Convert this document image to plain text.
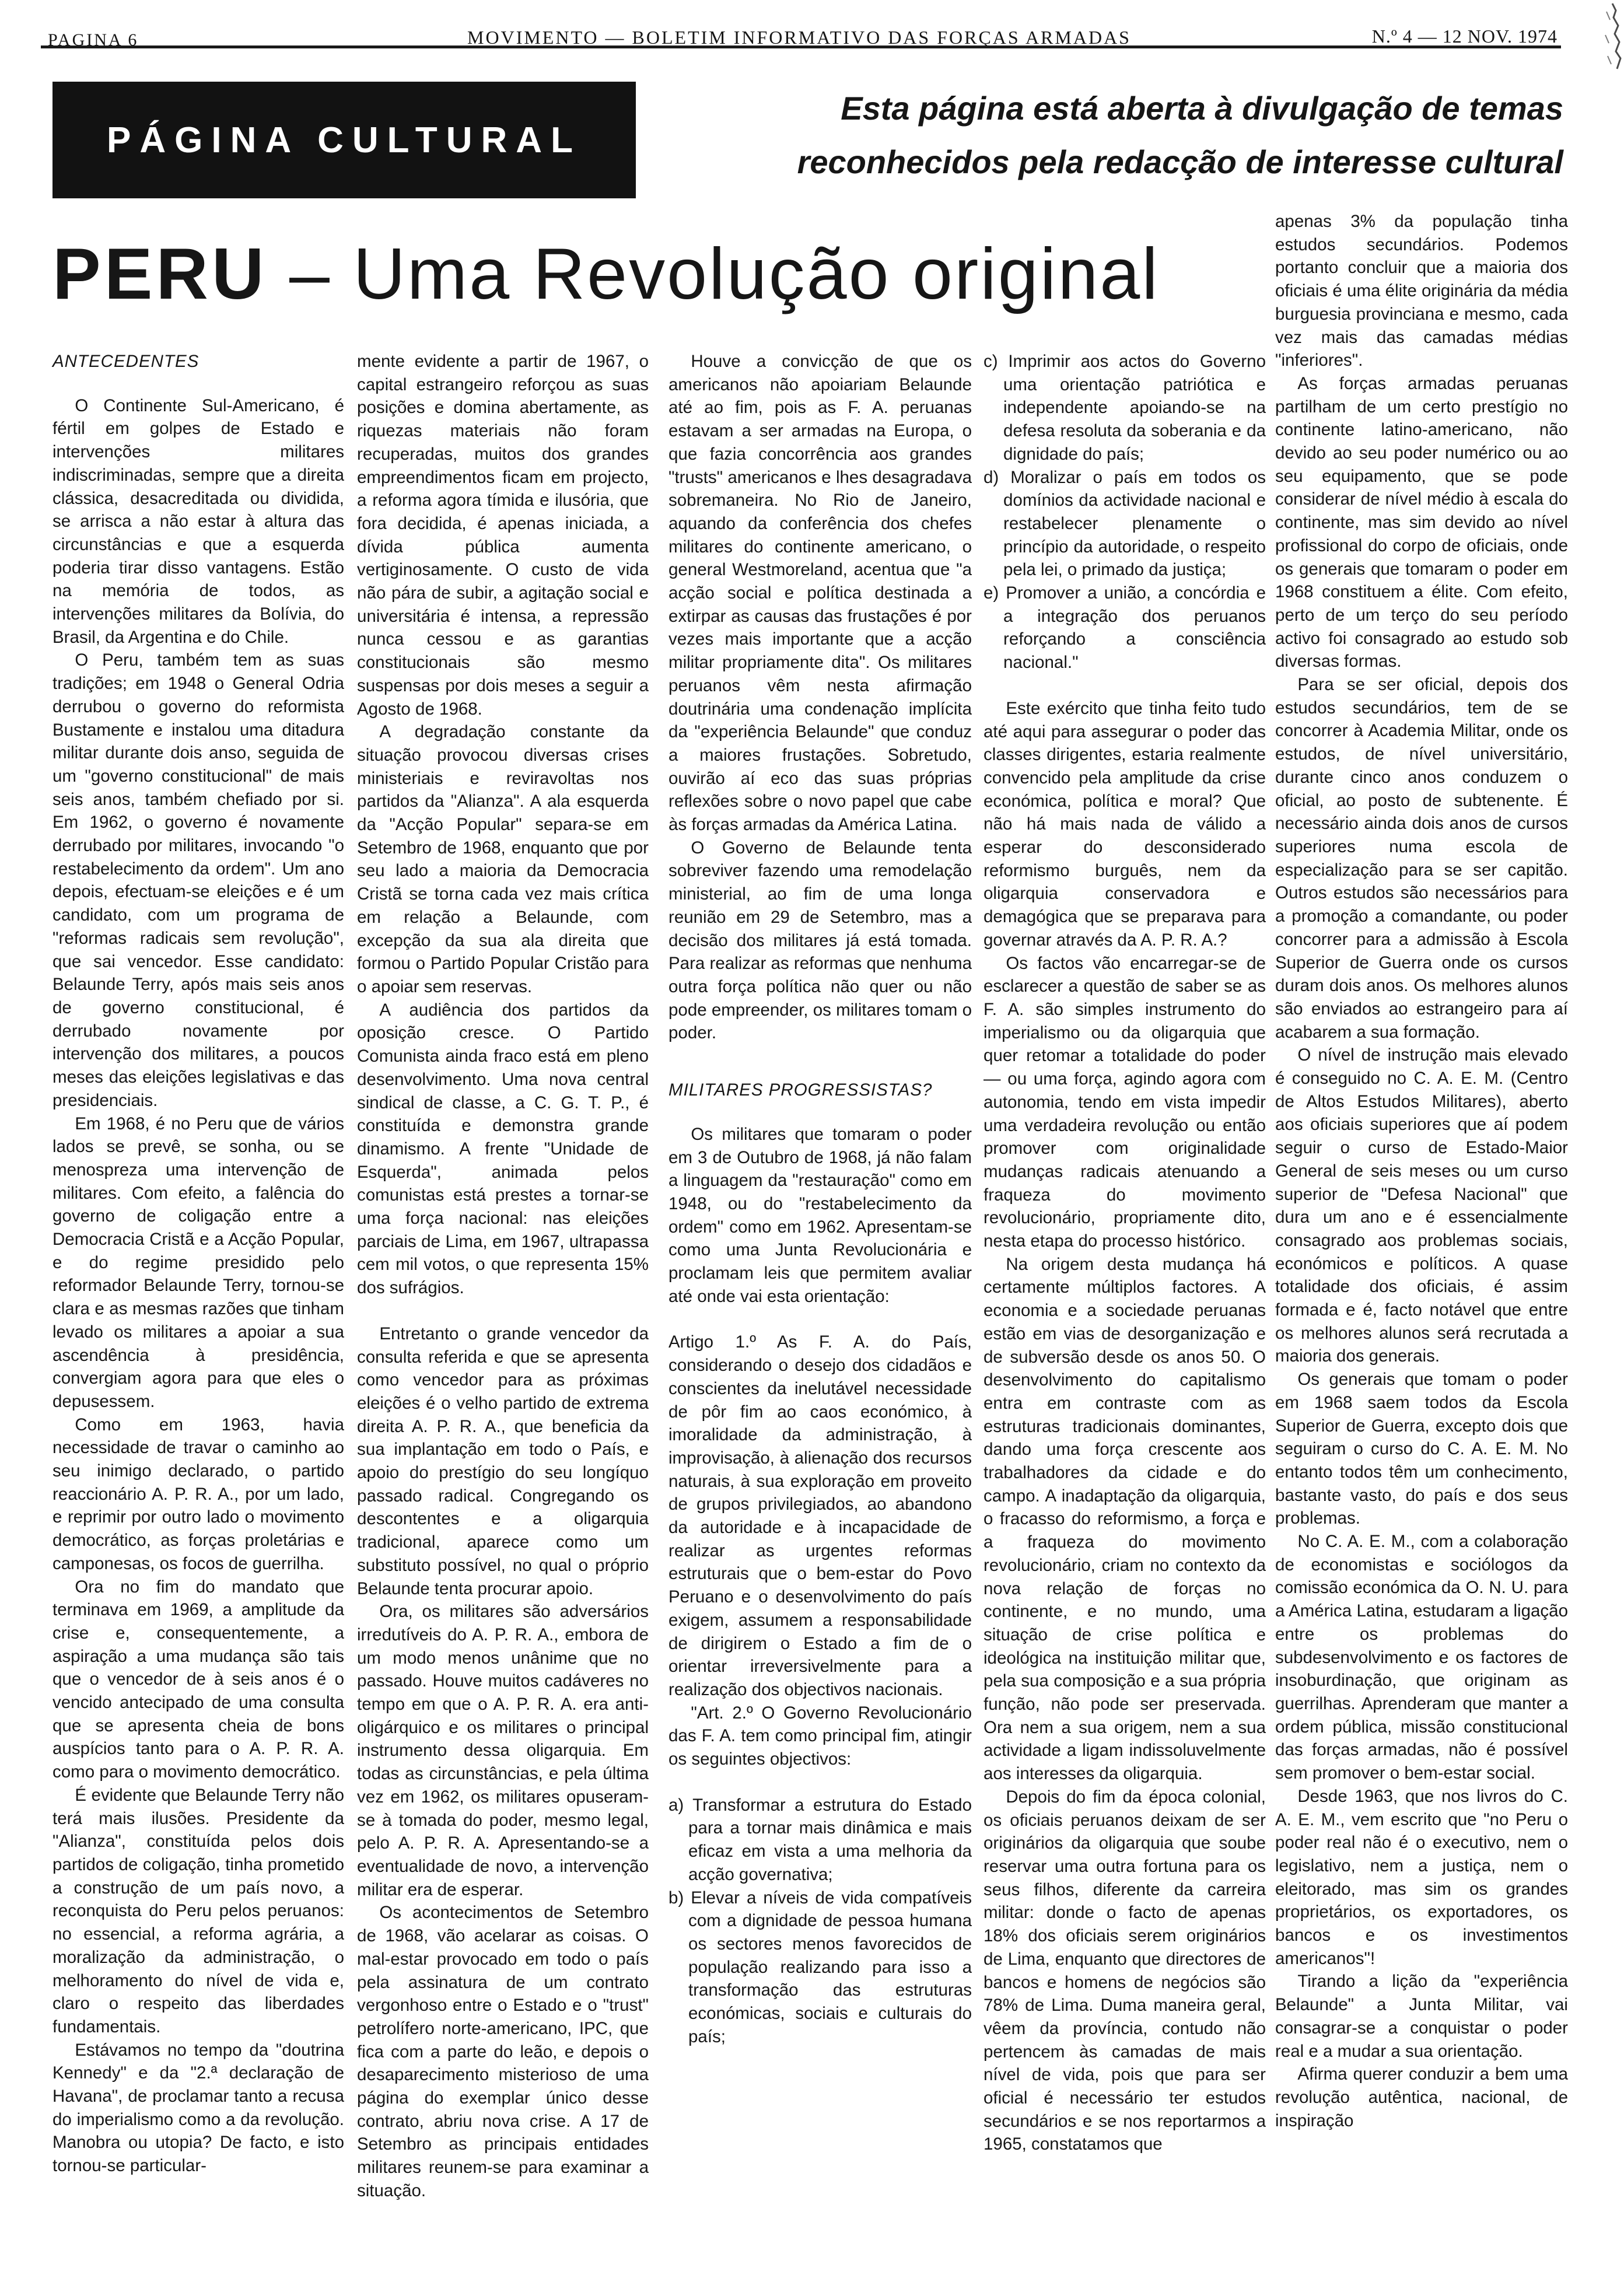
PAGINA 6	MOVIMENTO — BOLETIM INFORMATIVO DAS FORÇAS ARMADAS	N.º 4 — 12 NOV. 1974
PÁGINA CULTURAL
Esta página está aberta à divulgação de temas
reconhecidos pela redacção de interesse cultural
PERU – Uma Revolução original
ANTECEDENTES

O Continente Sul-Americano, é fértil em golpes de Estado e intervenções militares indiscriminadas, sempre que a direita clássica, desacreditada ou dividida, se arrisca a não estar à altura das circunstâncias e que a esquerda poderia tirar disso vantagens. Estão na memória de todos, as intervenções militares da Bolívia, do Brasil, da Argentina e do Chile.

O Peru, também tem as suas tradições; em 1948 o General Odria derrubou o governo do reformista Bustamente e instalou uma ditadura militar durante dois anso, seguida de um "governo constitucional" de mais seis anos, também chefiado por si. Em 1962, o governo é novamente derrubado por militares, invocando "o restabelecimento da ordem". Um ano depois, efectuam-se eleições e é um candidato, com um programa de "reformas radicais sem revolução", que sai vencedor. Esse candidato: Belaunde Terry, após mais seis anos de governo constitucional, é derrubado novamente por intervenção dos militares, a poucos meses das eleições legislativas e das presidenciais.

Em 1968, é no Peru que de vários lados se prevê, se sonha, ou se menospreza uma intervenção de militares. Com efeito, a falência do governo de coligação entre a Democracia Cristã e a Acção Popular, e do regime presidido pelo reformador Belaunde Terry, tornou-se clara e as mesmas razões que tinham levado os militares a apoiar a sua ascendência à presidência, convergiam agora para que eles o depusessem.

Como em 1963, havia necessidade de travar o caminho ao seu inimigo declarado, o partido reaccionário A. P. R. A., por um lado, e reprimir por outro lado o movimento democrático, as forças proletárias e camponesas, os focos de guerrilha.

Ora no fim do mandato que terminava em 1969, a amplitude da crise e, consequentemente, a aspiração a uma mudança são tais que o vencedor de à seis anos é o vencido antecipado de uma consulta que se apresenta cheia de bons auspícios tanto para o A. P. R. A. como para o movimento democrático.

É evidente que Belaunde Terry não terá mais ilusões. Presidente da "Alianza", constituída pelos dois partidos de coligação, tinha prometido a construção de um país novo, a reconquista do Peru pelos peruanos: no essencial, a reforma agrária, a moralização da administração, o melhoramento do nível de vida e, claro o respeito das liberdades fundamentais.

Estávamos no tempo da "doutrina Kennedy" e da "2.ª declaração de Havana", de proclamar tanto a recusa do imperialismo como a da revolução. Manobra ou utopia? De facto, e isto tornou-se particular-

mente evidente a partir de 1967, o capital estrangeiro reforçou as suas posições e domina abertamente, as riquezas materiais não foram recuperadas, muitos dos grandes empreendimentos ficam em projecto, a reforma agora tímida e ilusória, que fora decidida, é apenas iniciada, a dívida pública aumenta vertiginosamente. O custo de vida não pára de subir, a agitação social e universitária é intensa, a repressão nunca cessou e as garantias constitucionais são mesmo suspensas por dois meses a seguir a Agosto de 1968.

A degradação constante da situação provocou diversas crises ministeriais e reviravoltas nos partidos da "Alianza". A ala esquerda da "Acção Popular" separa-se em Setembro de 1968, enquanto que por seu lado a maioria da Democracia Cristã se torna cada vez mais crítica em relação a Belaunde, com excepção da sua ala direita que formou o Partido Popular Cristão para o apoiar sem reservas.

A audiência dos partidos da oposição cresce. O Partido Comunista ainda fraco está em pleno desenvolvimento. Uma nova central sindical de classe, a C. G. T. P., é constituída e demonstra grande dinamismo. A frente "Unidade de Esquerda", animada pelos comunistas está prestes a tornar-se uma força nacional: nas eleições parciais de Lima, em 1967, ultrapassa cem mil votos, o que representa 15% dos sufrágios.

Entretanto o grande vencedor da consulta referida e que se apresenta como vencedor para as próximas eleições é o velho partido de extrema direita A. P. R. A., que beneficia da sua implantação em todo o País, e apoio do prestígio do seu longíquo passado radical. Congregando os descontentes e a oligarquia tradicional, aparece como um substituto possível, no qual o próprio Belaunde tenta procurar apoio.

Ora, os militares são adversários irredutíveis do A. P. R. A., embora de um modo menos unânime que no passado. Houve muitos cadáveres no tempo em que o A. P. R. A. era anti-oligárquico e os militares o principal instrumento dessa oligarquia. Em todas as circunstâncias, e pela última vez em 1962, os militares opuseram-se à tomada do poder, mesmo legal, pelo A. P. R. A. Apresentando-se a eventualidade de novo, a intervenção militar era de esperar.

Os acontecimentos de Setembro de 1968, vão acelarar as coisas. O mal-estar provocado em todo o país pela assinatura de um contrato vergonhoso entre o Estado e o "trust" petrolífero norte-americano, IPC, que fica com a parte do leão, e depois o desaparecimento misterioso de uma página do exemplar único desse contrato, abriu nova crise. A 17 de Setembro as principais entidades militares reunem-se para examinar a situação.

Houve a convicção de que os americanos não apoiariam Belaunde até ao fim, pois as F. A. peruanas estavam a ser armadas na Europa, o que fazia concorrência aos grandes "trusts" americanos e lhes desagradava sobremaneira. No Rio de Janeiro, aquando da conferência dos chefes militares do continente americano, o general Westmoreland, acentua que "a acção social e política destinada a extirpar as causas das frustações é por vezes mais importante que a acção militar propriamente dita". Os militares peruanos vêm nesta afirmação doutrinária uma condenação implícita da "experiência Belaunde" que conduz a maiores frustações. Sobretudo, ouvirão aí eco das suas próprias reflexões sobre o novo papel que cabe às forças armadas da América Latina.

O Governo de Belaunde tenta sobreviver fazendo uma remodelação ministerial, ao fim de uma longa reunião em 29 de Setembro, mas a decisão dos militares já está tomada. Para realizar as reformas que nenhuma outra força política não quer ou não pode empreender, os militares tomam o poder.

MILITARES PROGRESSISTAS?

Os militares que tomaram o poder em 3 de Outubro de 1968, já não falam a linguagem da "restauração" como em 1948, ou do "restabelecimento da ordem" como em 1962. Apresentam-se como uma Junta Revolucionária e proclamam leis que permitem avaliar até onde vai esta orientação:

Artigo 1.º As F. A. do País, considerando o desejo dos cidadãos e conscientes da inelutável necessidade de pôr fim ao caos económico, à imoralidade da administração, à improvisação, à alienação dos recursos naturais, à sua exploração em proveito de grupos privilegiados, ao abandono da autoridade e à incapacidade de realizar as urgentes reformas estruturais que o bem-estar do Povo Peruano e o desenvolvimento do país exigem, assumem a responsabilidade de dirigirem o Estado a fim de o orientar irreversivelmente para a realização dos objectivos nacionais.

"Art. 2.º O Governo Revolucionário das F. A. tem como principal fim, atingir os seguintes objectivos:

a) Transformar a estrutura do Estado para a tornar mais dinâmica e mais eficaz em vista a uma melhoria da acção governativa;

b) Elevar a níveis de vida compatíveis com a dignidade de pessoa humana os sectores menos favorecidos de população realizando para isso a transformação das estruturas económicas, sociais e culturais do país;

c) Imprimir aos actos do Governo uma orientação patriótica e independente apoiando-se na defesa resoluta da soberania e da dignidade do país;

d) Moralizar o país em todos os domínios da actividade nacional e restabelecer plenamente o princípio da autoridade, o respeito pela lei, o primado da justiça;

e) Promover a união, a concórdia e a integração dos peruanos reforçando a consciência nacional."

Este exército que tinha feito tudo até aqui para assegurar o poder das classes dirigentes, estaria realmente convencido pela amplitude da crise económica, política e moral? Que não há mais nada de válido a esperar do desconsiderado reformismo burguês, nem da oligarquia conservadora e demagógica que se preparava para governar através da A. P. R. A.?

Os factos vão encarregar-se de esclarecer a questão de saber se as F. A. são simples instrumento do imperialismo ou da oligarquia que quer retomar a totalidade do poder — ou uma força, agindo agora com autonomia, tendo em vista impedir uma verdadeira revolução ou então promover com originalidade mudanças radicais atenuando a fraqueza do movimento revolucionário, propriamente dito, nesta etapa do processo histórico.

Na origem desta mudança há certamente múltiplos factores. A economia e a sociedade peruanas estão em vias de desorganização e de subversão desde os anos 50. O desenvolvimento do capitalismo entra em contraste com as estruturas tradicionais dominantes, dando uma força crescente aos trabalhadores da cidade e do campo. A inadaptação da oligarquia, o fracasso do reformismo, a força e a fraqueza do movimento revolucionário, criam no contexto da nova relação de forças no continente, e no mundo, uma situação de crise política e ideológica na instituição militar que, pela sua composição e a sua própria função, não pode ser preservada. Ora nem a sua origem, nem a sua actividade a ligam indissoluvelmente aos interesses da oligarquia.

Depois do fim da época colonial, os oficiais peruanos deixam de ser originários da oligarquia que soube reservar uma outra fortuna para os seus filhos, diferente da carreira militar: donde o facto de apenas 18% dos oficiais serem originários de Lima, enquanto que directores de bancos e homens de negócios são 78% de Lima. Duma maneira geral, vêem da província, contudo não pertencem às camadas de mais nível de vida, pois que para ser oficial é necessário ter estudos secundários e se nos reportarmos a 1965, constatamos que

apenas 3% da população tinha estudos secundários. Podemos portanto concluir que a maioria dos oficiais é uma élite originária da média burguesia provinciana e mesmo, cada vez mais das camadas médias "inferiores".

As forças armadas peruanas partilham de um certo prestígio no continente latino-americano, não devido ao seu poder numérico ou ao seu equipamento, que se pode considerar de nível médio à escala do continente, mas sim devido ao nível profissional do corpo de oficiais, onde os generais que tomaram o poder em 1968 constituem a élite. Com efeito, perto de um terço do seu período activo foi consagrado ao estudo sob diversas formas.

Para se ser oficial, depois dos estudos secundários, tem de se concorrer à Academia Militar, onde os estudos, de nível universitário, durante cinco anos conduzem o oficial, ao posto de subtenente. É necessário ainda dois anos de cursos superiores numa escola de especialização para se ser capitão. Outros estudos são necessários para a promoção a comandante, ou poder concorrer para a admissão à Escola Superior de Guerra onde os cursos duram dois anos. Os melhores alunos são enviados ao estrangeiro para aí acabarem a sua formação.

O nível de instrução mais elevado é conseguido no C. A. E. M. (Centro de Altos Estudos Militares), aberto aos oficiais superiores que aí podem seguir o curso de Estado-Maior General de seis meses ou um curso superior de "Defesa Nacional" que dura um ano e é essencialmente consagrado aos problemas sociais, económicos e políticos. A quase totalidade dos oficiais, é assim formada e é, facto notável que entre os melhores alunos será recrutada a maioria dos generais.

Os generais que tomam o poder em 1968 saem todos da Escola Superior de Guerra, excepto dois que seguiram o curso do C. A. E. M. No entanto todos têm um conhecimento, bastante vasto, do país e dos seus problemas.

No C. A. E. M., com a colaboração de economistas e sociólogos da comissão económica da O. N. U. para a América Latina, estudaram a ligação entre os problemas do subdesenvolvimento e os factores de insoburdinação, que originam as guerrilhas. Aprenderam que manter a ordem pública, missão constitucional das forças armadas, não é possível sem promover o bem-estar social.

Desde 1963, que nos livros do C. A. E. M., vem escrito que "no Peru o poder real não é o executivo, nem o legislativo, nem a justiça, nem o eleitorado, mas sim os grandes proprietários, os exportadores, os bancos e os investimentos americanos"!

Tirando a lição da "experiência Belaunde" a Junta Militar, vai consagrar-se a conquistar o poder real e a mudar a sua orientação.

Afirma querer conduzir a bem uma revolução autêntica, nacional, de inspiração
